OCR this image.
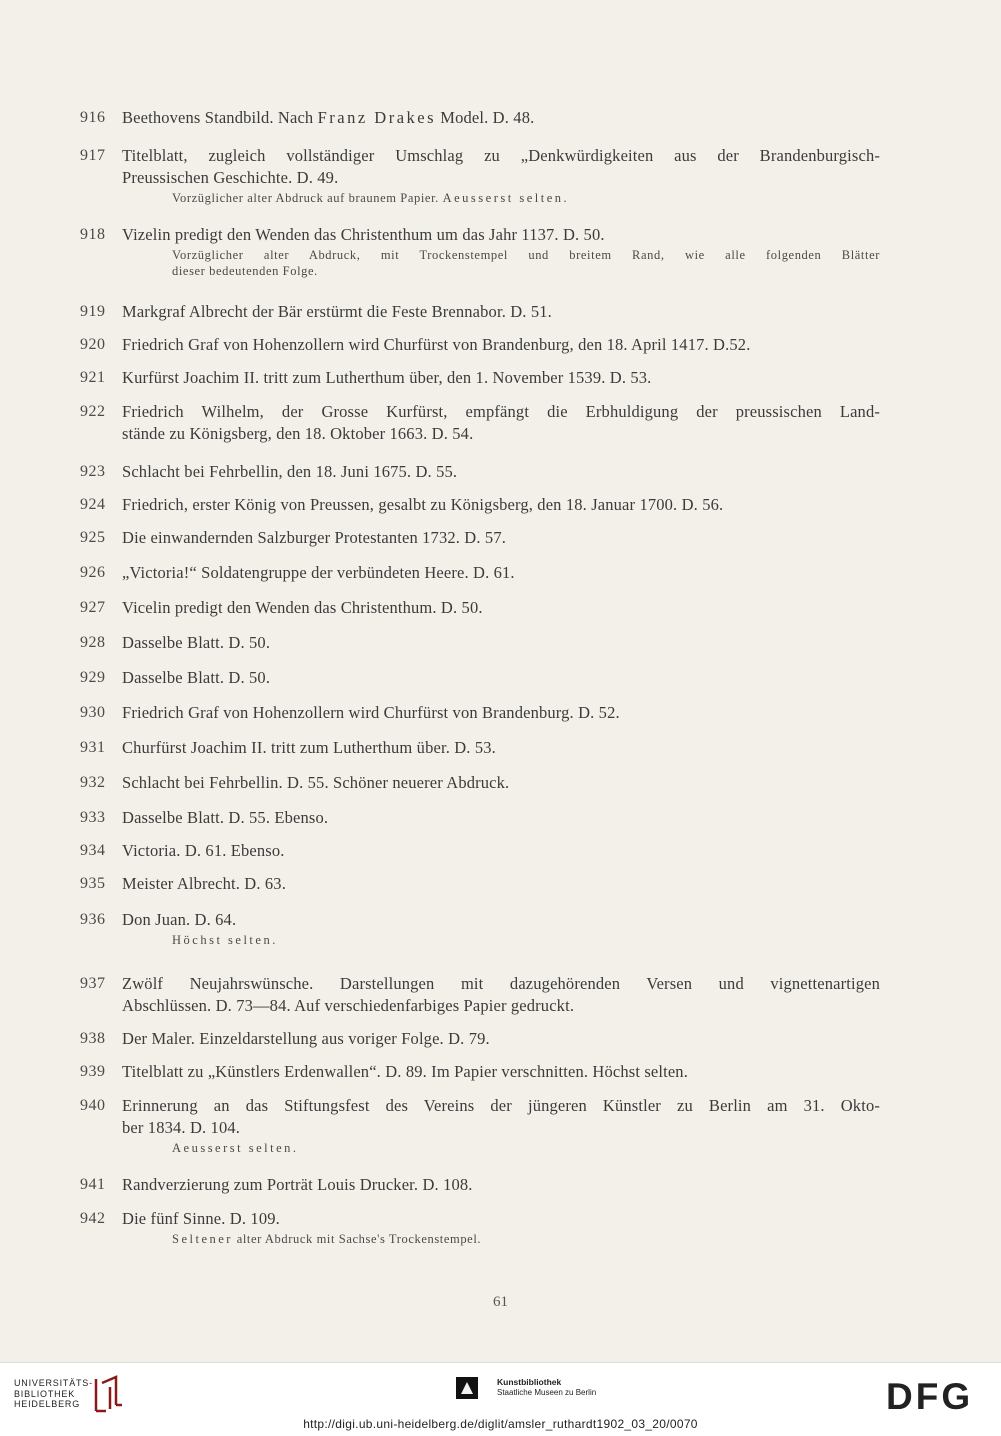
916	Beethovens Standbild. Nach Franz Drakes Model. D. 48.
917	Titelblatt, zugleich vollständiger Umschlag zu „Denkwürdigkeiten aus der Brandenburgisch-
Preussischen Geschichte. D. 49.
Vorzüglicher alter Abdruck auf braunem Papier. Aeusserst selten.
918	Vizelin predigt den Wenden das Christenthum um das Jahr 1137. D. 50.
Vorzüglicher alter Abdruck, mit Trockenstempel und breitem Rand, wie alle folgenden Blätter
dieser bedeutenden Folge.
919	Markgraf Albrecht der Bär erstürmt die Feste Brennabor. D. 51.
920	Friedrich Graf von Hohenzollern wird Churfürst von Brandenburg, den 18. April 1417. D.52.
921	Kurfürst Joachim II. tritt zum Lutherthum über, den 1. November 1539. D. 53.
922	Friedrich Wilhelm, der Grosse Kurfürst, empfängt die Erbhuldigung der preussischen Land-
stände zu Königsberg, den 18. Oktober 1663. D. 54.
923	Schlacht bei Fehrbellin, den 18. Juni 1675. D. 55.
924	Friedrich, erster König von Preussen, gesalbt zu Königsberg, den 18. Januar 1700. D. 56.
925	Die einwandernden Salzburger Protestanten 1732. D. 57.
926	„Victoria!“ Soldatengruppe der verbündeten Heere. D. 61.
927	Vicelin predigt den Wenden das Christenthum. D. 50.
928	Dasselbe Blatt. D. 50.
929	Dasselbe Blatt. D. 50.
930	Friedrich Graf von Hohenzollern wird Churfürst von Brandenburg. D. 52.
931	Churfürst Joachim II. tritt zum Lutherthum über. D. 53.
932	Schlacht bei Fehrbellin. D. 55. Schöner neuerer Abdruck.
933	Dasselbe Blatt. D. 55. Ebenso.
934	Victoria. D. 61. Ebenso.
935	Meister Albrecht. D. 63.
936	Don Juan. D. 64.
Höchst selten.
937	Zwölf Neujahrswünsche. Darstellungen mit dazugehörenden Versen und vignettenartigen
Abschlüssen. D. 73—84. Auf verschiedenfarbiges Papier gedruckt.
938	Der Maler. Einzeldarstellung aus voriger Folge. D. 79.
939	Titelblatt zu „Künstlers Erdenwallen“. D. 89. Im Papier verschnitten. Höchst selten.
940	Erinnerung an das Stiftungsfest des Vereins der jüngeren Künstler zu Berlin am 31. Okto-
ber 1834. D. 104.
Aeusserst selten.
941	Randverzierung zum Porträt Louis Drucker. D. 108.
942	Die fünf Sinne. D. 109.
Seltener alter Abdruck mit Sachse's Trockenstempel.
61
UNIVERSITÄTS-
BIBLIOTHEK
HEIDELBERG
Kunstbibliothek
Staatliche Museen zu Berlin	DFG
http://digi.ub.uni-heidelberg.de/diglit/amsler_ruthardt1902_03_20/0070
